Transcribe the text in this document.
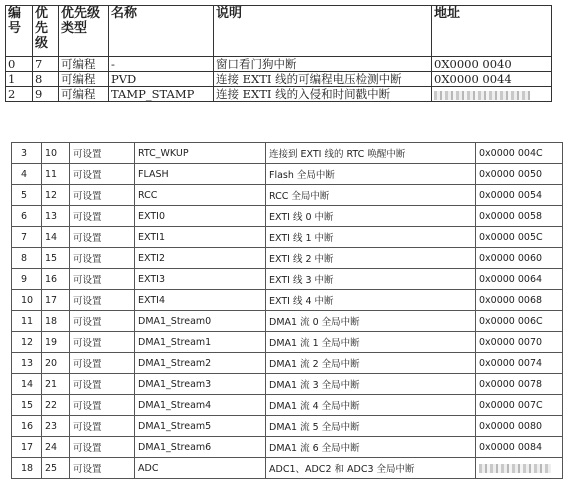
编号	优先级	优先级类型	名称	说明	地址
0	7	可编程	-	窗口看门狗中断	0X0000 0040
1	8	可编程	PVD	连接 EXTI 线的可编程电压检测中断	0X0000 0044
2	9	可编程	TAMP_STAMP	连接 EXTI 线的入侵和时间戳中断	
3	10	可设置	RTC_WKUP	连接到 EXTI 线的 RTC 唤醒中断	0x0000 004C
4	11	可设置	FLASH	Flash 全局中断	0x0000 0050
5	12	可设置	RCC	RCC 全局中断	0x0000 0054
6	13	可设置	EXTI0	EXTI 线 0 中断	0x0000 0058
7	14	可设置	EXTI1	EXTI 线 1 中断	0x0000 005C
8	15	可设置	EXTI2	EXTI 线 2 中断	0x0000 0060
9	16	可设置	EXTI3	EXTI 线 3 中断	0x0000 0064
10	17	可设置	EXTI4	EXTI 线 4 中断	0x0000 0068
11	18	可设置	DMA1_Stream0	DMA1 流 0 全局中断	0x0000 006C
12	19	可设置	DMA1_Stream1	DMA1 流 1 全局中断	0x0000 0070
13	20	可设置	DMA1_Stream2	DMA1 流 2 全局中断	0x0000 0074
14	21	可设置	DMA1_Stream3	DMA1 流 3 全局中断	0x0000 0078
15	22	可设置	DMA1_Stream4	DMA1 流 4 全局中断	0x0000 007C
16	23	可设置	DMA1_Stream5	DMA1 流 5 全局中断	0x0000 0080
17	24	可设置	DMA1_Stream6	DMA1 流 6 全局中断	0x0000 0084
18	25	可设置	ADC	ADC1、ADC2 和 ADC3 全局中断	
